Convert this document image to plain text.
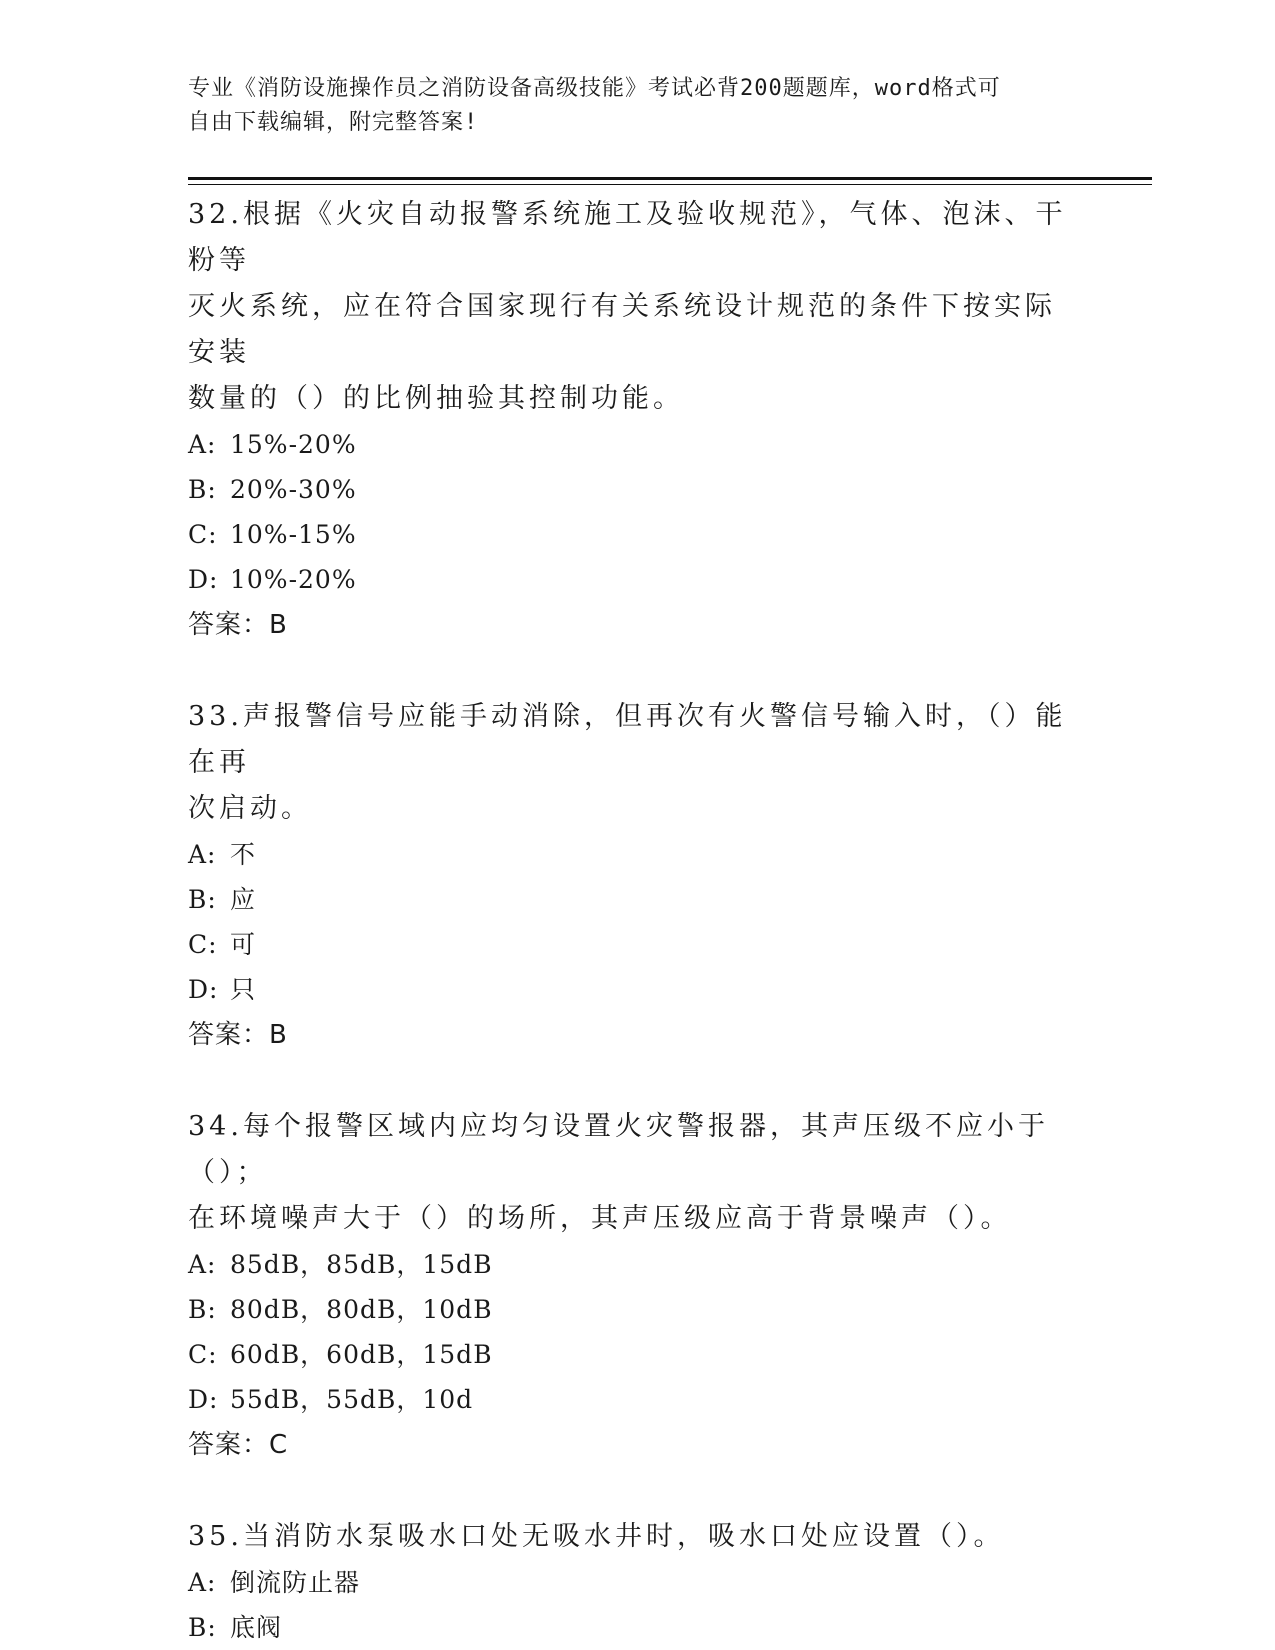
专业《消防设施操作员之消防设备高级技能》考试必背200题题库，word格式可
自由下载编辑，附完整答案!
32.根据《火灾自动报警系统施工及验收规范》，气体、泡沫、干粉等
灭火系统，应在符合国家现行有关系统设计规范的条件下按实际安装
数量的（）的比例抽验其控制功能。
A: 15%-20%
B: 20%-30%
C: 10%-15%
D: 10%-20%
答案：B
33.声报警信号应能手动消除，但再次有火警信号输入时，（）能在再
次启动。
A: 不
B: 应
C: 可
D: 只
答案：B
34.每个报警区域内应均匀设置火灾警报器，其声压级不应小于（）；
在环境噪声大于（）的场所，其声压级应高于背景噪声（）。
A: 85dB，85dB，15dB
B: 80dB，80dB，10dB
C: 60dB，60dB，15dB
D: 55dB，55dB，10d
答案：C
35.当消防水泵吸水口处无吸水井时，吸水口处应设置（）。
A: 倒流防止器
B: 底阀
